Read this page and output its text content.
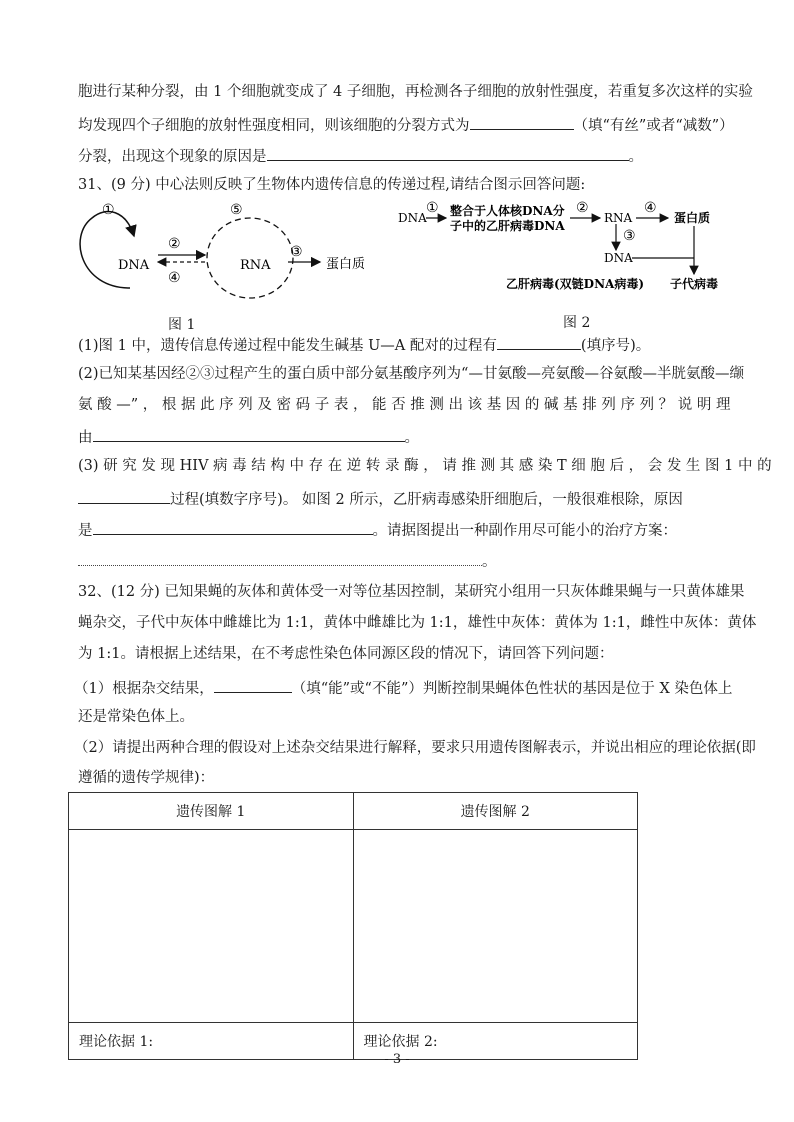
胞进行某种分裂，由 1 个细胞就变成了 4 子细胞，再检测各子细胞的放射性强度，若重复多次这样的实验
均发现四个子细胞的放射性强度相同，则该细胞的分裂方式为	（填“有丝”或者“减数”）
分裂，出现这个现象的原因是	。
31、(9 分) 中心法则反映了生物体内遗传信息的传递过程,请结合图示回答问题:
①
DNA
②
④
⑤
RNA
③
蛋白质
图 1
DNA
① 整合于人体核DNA分
子中的乙肝病毒DNA
②
RNA
④
蛋白质
③
DNA
乙肝病毒(双链DNA病毒) 子代病毒
图 2
(1)图 1 中，遗传信息传递过程中能发生碱基 U—A 配对的过程有	(填序号)。
(2)已知某基因经②③过程产生的蛋白质中部分氨基酸序列为“—甘氨酸—亮氨酸—谷氨酸—半胱氨酸—缬
氨 酸 —” ， 根 据 此 序 列 及 密 码 子 表 ， 能 否 推 测 出 该 基 因 的 碱 基 排 列 序 列 ？ 说 明 理
由	。
(3) 研 究 发 现 HIV 病 毒 结 构 中 存 在 逆 转 录 酶 ， 请 推 测 其 感 染 T 细 胞 后 ， 会 发 生 图 1 中 的
过程(填数字序号)。 如图 2 所示，乙肝病毒感染肝细胞后，一般很难根除，原因
是	。请据图提出一种副作用尽可能小的治疗方案：
。
32、(12 分) 已知果蝇的灰体和黄体受一对等位基因控制，某研究小组用一只灰体雌果蝇与一只黄体雄果
蝇杂交，子代中灰体中雌雄比为 1:1，黄体中雌雄比为 1:1，雄性中灰体：黄体为 1:1，雌性中灰体：黄体
为 1:1。请根据上述结果，在不考虑性染色体同源区段的情况下，请回答下列问题：
（1）根据杂交结果，	（填“能”或“不能”）判断控制果蝇体色性状的基因是位于 X 染色体上
还是常染色体上。
（2）请提出两种合理的假设对上述杂交结果进行解释，要求只用遗传图解表示，并说出相应的理论依据(即
遵循的遗传学规律)：
遗传图解 1	遗传图解 2

理论依据 1:	理论依据 2:
- 3 -
